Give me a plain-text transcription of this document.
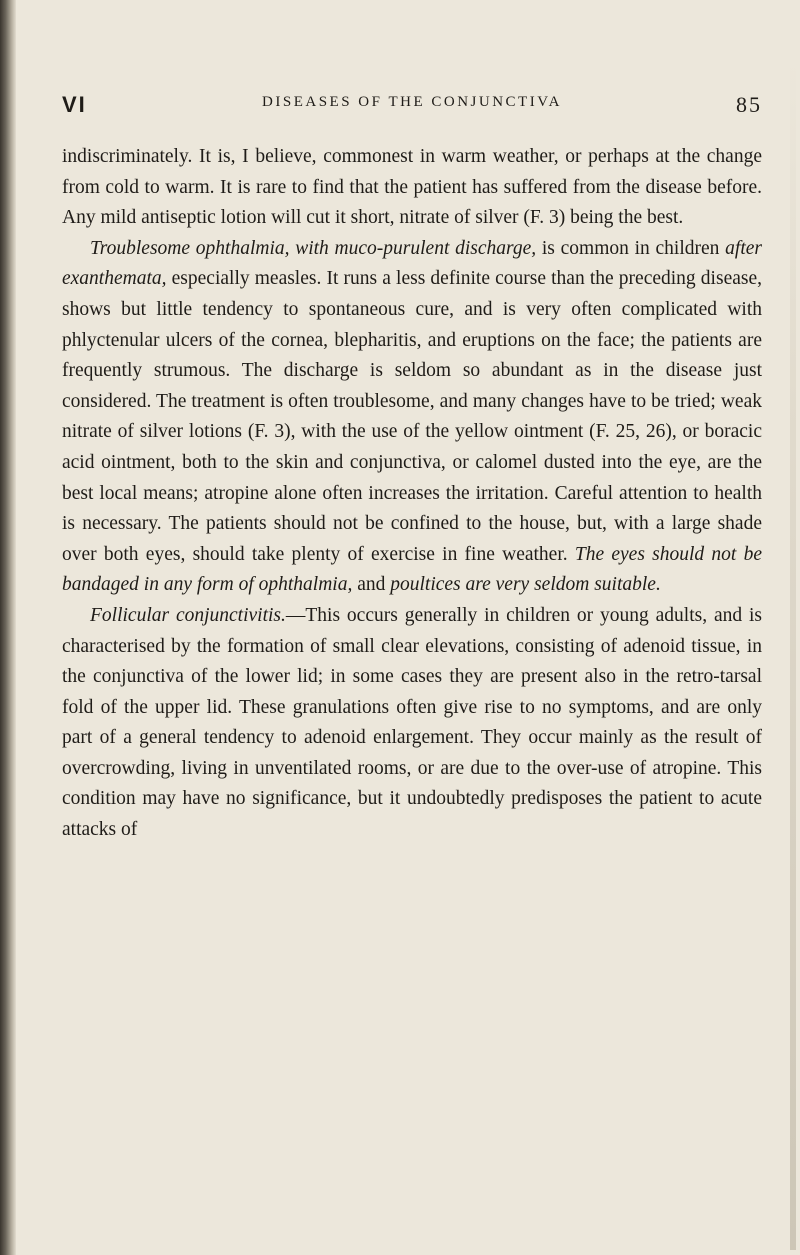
VI	DISEASES OF THE CONJUNCTIVA	85

indiscriminately. It is, I believe, commonest in warm weather, or perhaps at the change from cold to warm. It is rare to find that the patient has suffered from the disease before. Any mild antiseptic lotion will cut it short, nitrate of silver (F. 3) being the best.

Troublesome ophthalmia, with muco-purulent discharge, is common in children after exanthemata, especially measles. It runs a less definite course than the preceding disease, shows but little tendency to spontaneous cure, and is very often complicated with phlyctenular ulcers of the cornea, blepharitis, and eruptions on the face; the patients are frequently strumous. The discharge is seldom so abundant as in the disease just considered. The treatment is often troublesome, and many changes have to be tried; weak nitrate of silver lotions (F. 3), with the use of the yellow ointment (F. 25, 26), or boracic acid ointment, both to the skin and conjunctiva, or calomel dusted into the eye, are the best local means; atropine alone often increases the irritation. Careful attention to health is necessary. The patients should not be confined to the house, but, with a large shade over both eyes, should take plenty of exercise in fine weather. The eyes should not be bandaged in any form of ophthalmia, and poultices are very seldom suitable.

Follicular conjunctivitis.—This occurs generally in children or young adults, and is characterised by the formation of small clear elevations, consisting of adenoid tissue, in the conjunctiva of the lower lid; in some cases they are present also in the retro-tarsal fold of the upper lid. These granulations often give rise to no symptoms, and are only part of a general tendency to adenoid enlargement. They occur mainly as the result of overcrowding, living in unventilated rooms, or are due to the over-use of atropine. This condition may have no significance, but it undoubtedly predisposes the patient to acute attacks of
